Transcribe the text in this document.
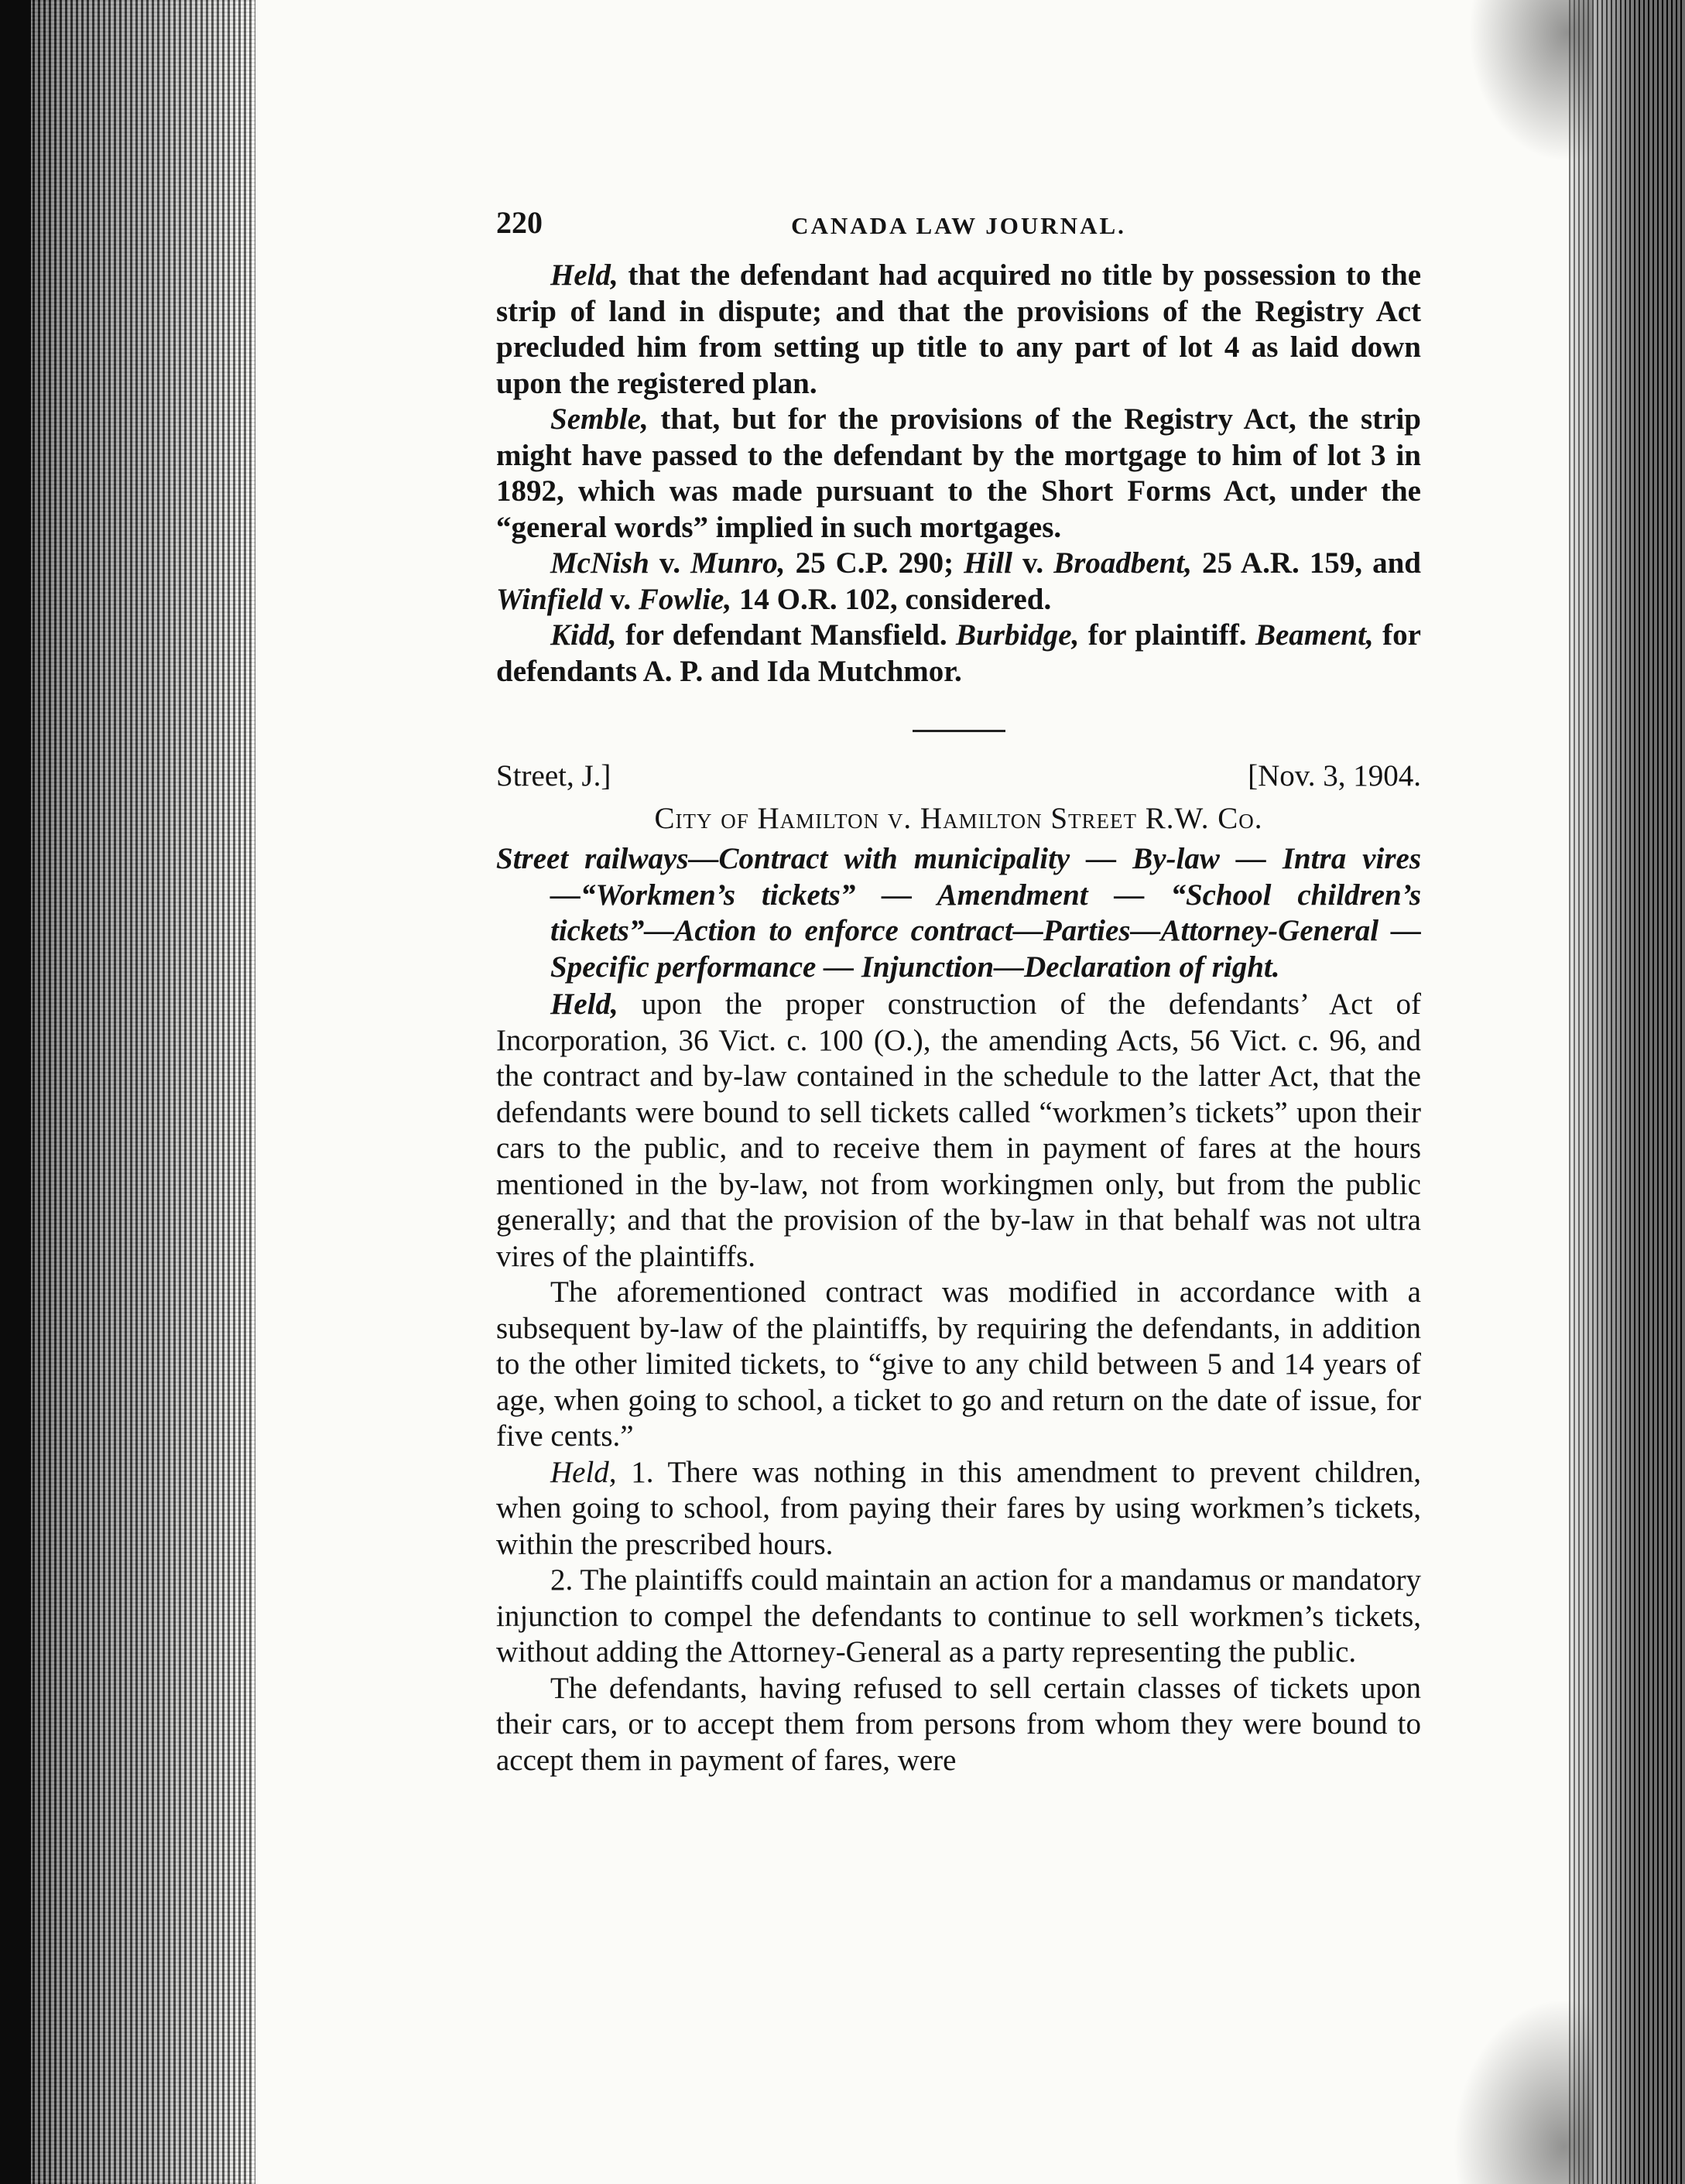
220	CANADA LAW JOURNAL.

Held, that the defendant had acquired no title by possession to the strip of land in dispute; and that the provisions of the Registry Act precluded him from setting up title to any part of lot 4 as laid down upon the registered plan.

Semble, that, but for the provisions of the Registry Act, the strip might have passed to the defendant by the mortgage to him of lot 3 in 1892, which was made pursuant to the Short Forms Act, under the “general words” implied in such mortgages.

McNish v. Munro, 25 C.P. 290; Hill v. Broadbent, 25 A.R. 159, and Winfield v. Fowlie, 14 O.R. 102, considered.

Kidd, for defendant Mansfield. Burbidge, for plaintiff. Beament, for defendants A. P. and Ida Mutchmor.

Street, J.]	[Nov. 3, 1904.
City of Hamilton v. Hamilton Street R.W. Co.
Street railways—Contract with municipality — By-law — Intra vires—“Workmen’s tickets” — Amendment — “School children’s tickets”—Action to enforce contract—Parties—Attorney-General — Specific performance — Injunction—Declaration of right.

Held, upon the proper construction of the defendants’ Act of Incorporation, 36 Vict. c. 100 (O.), the amending Acts, 56 Vict. c. 96, and the contract and by-law contained in the schedule to the latter Act, that the defendants were bound to sell tickets called “workmen’s tickets” upon their cars to the public, and to receive them in payment of fares at the hours mentioned in the by-law, not from workingmen only, but from the public generally; and that the provision of the by-law in that behalf was not ultra vires of the plaintiffs.

The aforementioned contract was modified in accordance with a subsequent by-law of the plaintiffs, by requiring the defendants, in addition to the other limited tickets, to “give to any child between 5 and 14 years of age, when going to school, a ticket to go and return on the date of issue, for five cents.”

Held, 1. There was nothing in this amendment to prevent children, when going to school, from paying their fares by using workmen’s tickets, within the prescribed hours.

2. The plaintiffs could maintain an action for a mandamus or mandatory injunction to compel the defendants to continue to sell workmen’s tickets, without adding the Attorney-General as a party representing the public.

The defendants, having refused to sell certain classes of tickets upon their cars, or to accept them from persons from whom they were bound to accept them in payment of fares, were
